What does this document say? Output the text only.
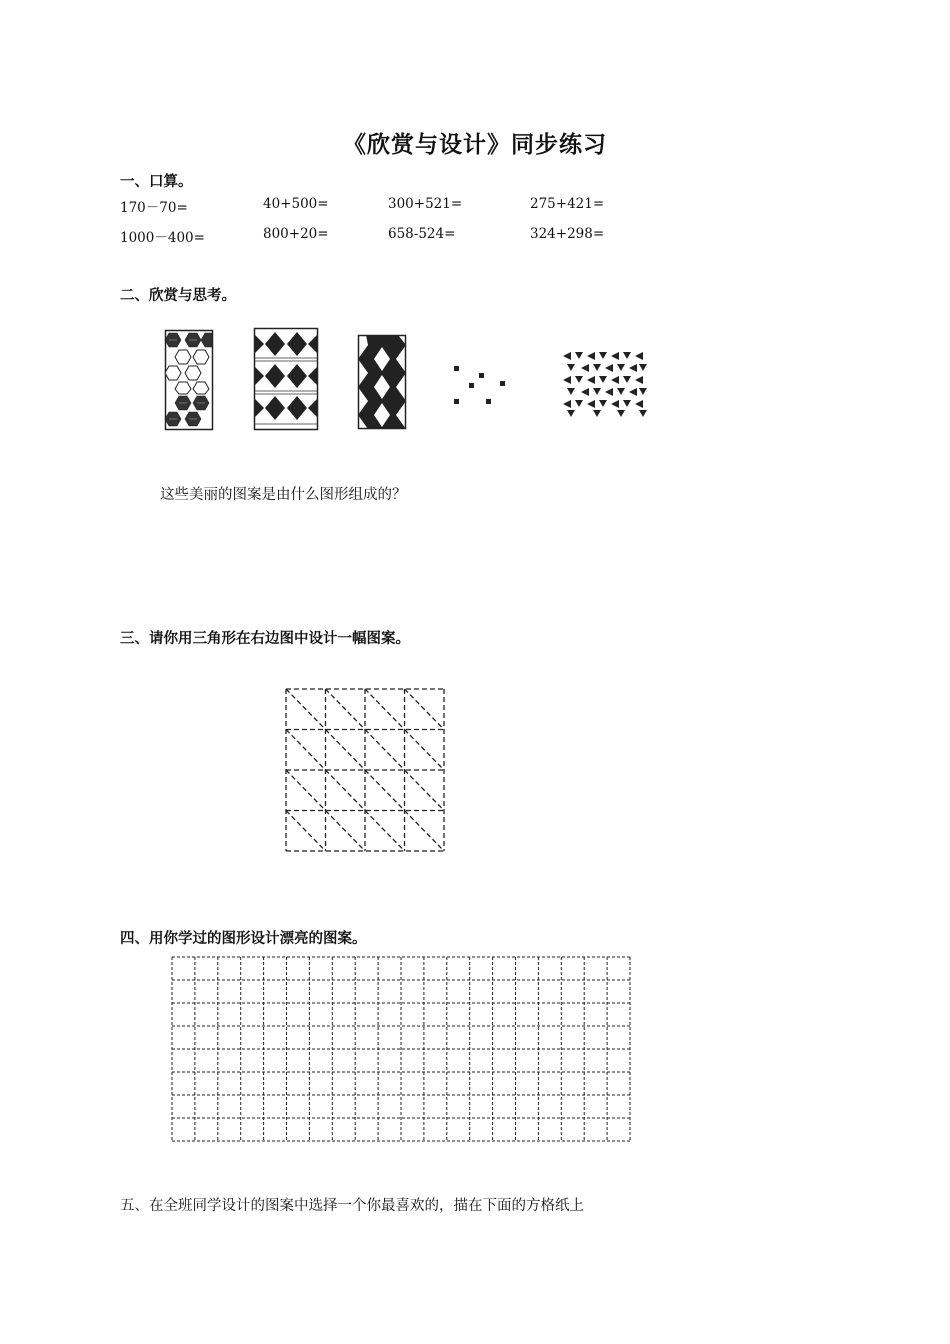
《欣赏与设计》同步练习
一、口算。
170－70=	40+500=	300+521=	275+421=
1000－400=	800+20=	658-524=	324+298=
二、欣赏与思考。
这些美丽的图案是由什么图形组成的？
三、请你用三角形在右边图中设计一幅图案。
四、用你学过的图形设计漂亮的图案。
五、在全班同学设计的图案中选择一个你最喜欢的，描在下面的方格纸上
